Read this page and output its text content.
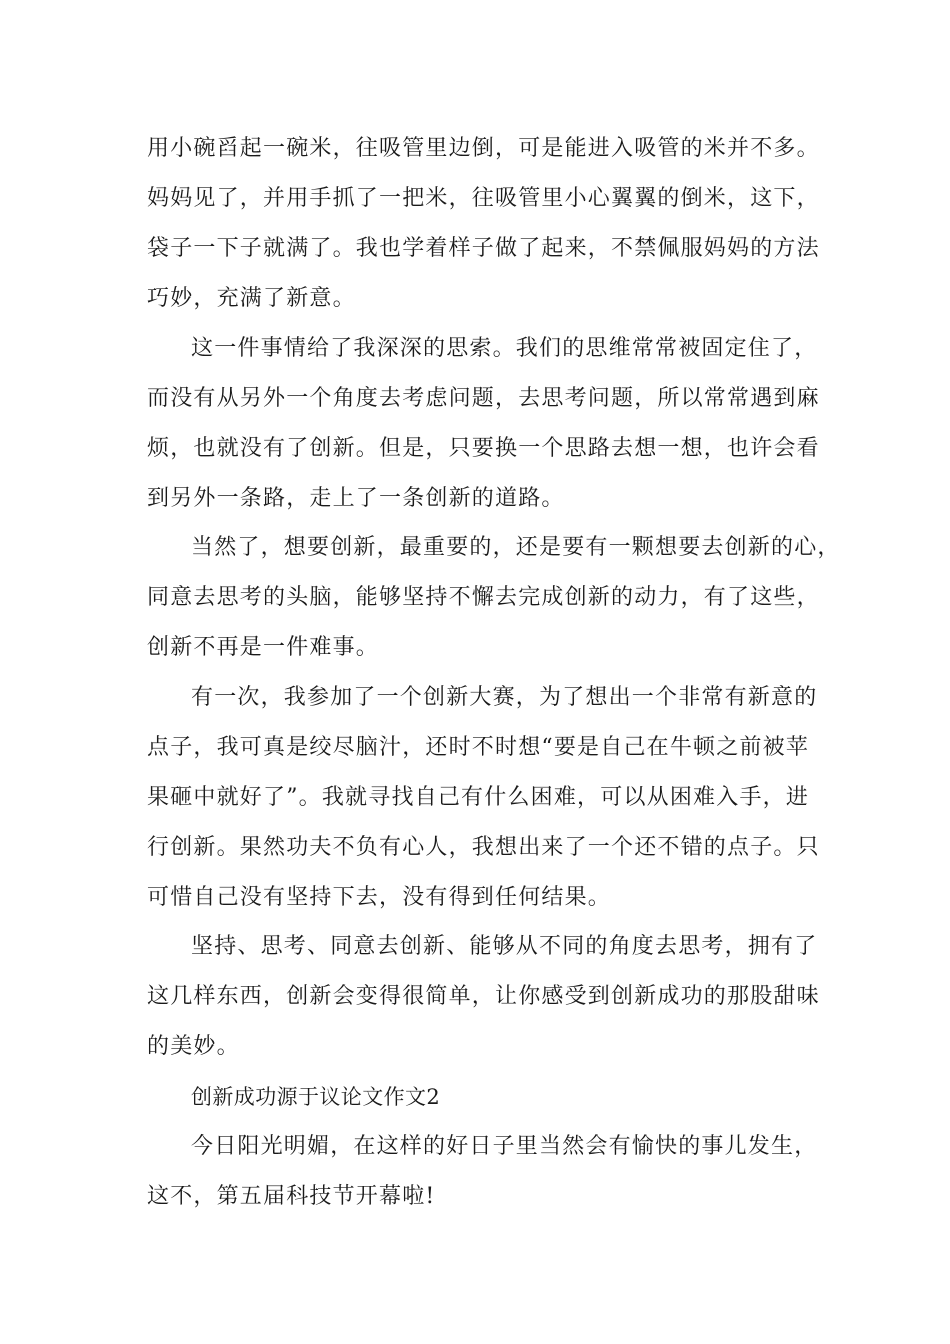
用小碗舀起一碗米，往吸管里边倒，可是能进入吸管的米并不多。
妈妈见了，并用手抓了一把米，往吸管里小心翼翼的倒米，这下，
袋子一下子就满了。我也学着样子做了起来，不禁佩服妈妈的方法
巧妙，充满了新意。
这一件事情给了我深深的思索。我们的思维常常被固定住了，
而没有从另外一个角度去考虑问题，去思考问题，所以常常遇到麻
烦，也就没有了创新。但是，只要换一个思路去想一想，也许会看
到另外一条路，走上了一条创新的道路。
当然了，想要创新，最重要的，还是要有一颗想要去创新的心，
同意去思考的头脑，能够坚持不懈去完成创新的动力，有了这些，
创新不再是一件难事。
有一次，我参加了一个创新大赛，为了想出一个非常有新意的
点子，我可真是绞尽脑汁，还时不时想“要是自己在牛顿之前被苹
果砸中就好了”。我就寻找自己有什么困难，可以从困难入手，进
行创新。果然功夫不负有心人，我想出来了一个还不错的点子。只
可惜自己没有坚持下去，没有得到任何结果。
坚持、思考、同意去创新、能够从不同的角度去思考，拥有了
这几样东西，创新会变得很简单，让你感受到创新成功的那股甜味
的美妙。
创新成功源于议论文作文2
今日阳光明媚，在这样的好日子里当然会有愉快的事儿发生，
这不，第五届科技节开幕啦!
